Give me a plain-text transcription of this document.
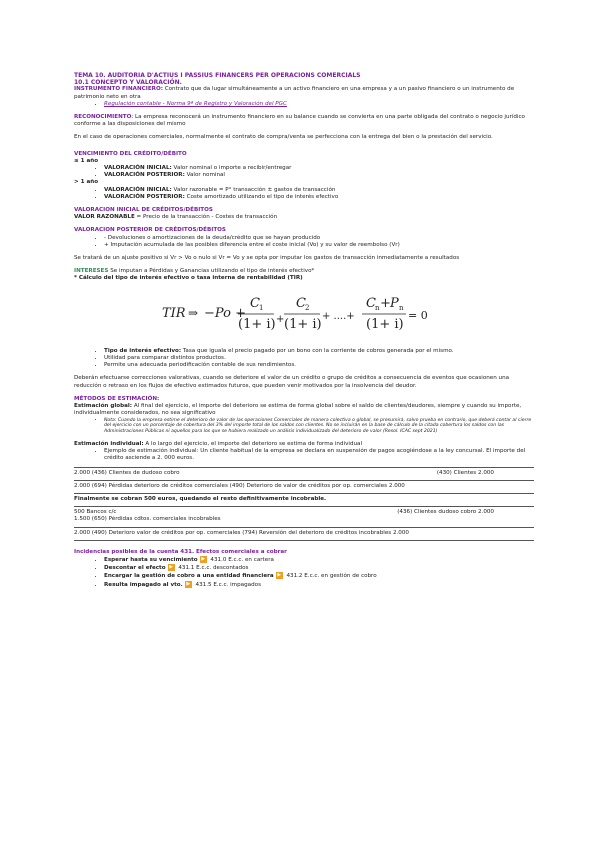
TEMA 10. AUDITORIA D'ACTIUS I PASSIUS FINANCERS PER OPERACIONS COMERCIALS
10.1 CONCEPTO Y VALORACIÓN.
INSTRUMENTO FINANCIERO: Contrato que da lugar simultáneamente a un activo financiero en una empresa y a un pasivo financiero o un instrumento de patrimonio neto en otra
• Regulación contable - Norma 9ª de Registro y Valoración del PGC
RECONOCIMIENTO: La empresa reconocerá un instrumento financiero en su balance cuando se convierta en una parte obligada del contrato o negocio jurídico conforme a las disposiciones del mismo
En el caso de operaciones comerciales, normalmente el contrato de compra/venta se perfecciona con la entrega del bien o la prestación del servicio.
VENCIMIENTO DEL CRÉDITO/DÉBITO
≤ 1 año
• VALORACIÓN INICIAL: Valor nominal o importe a recibir/entregar
• VALORACIÓN POSTERIOR: Valor nominal
> 1 año
• VALORACIÓN INICIAL: Valor razonable = P° transacción ± gastos de transacción
• VALORACIÓN POSTERIOR: Coste amortizado utilizando el tipo de interés efectivo
VALORACION INICIAL DE CRÉDITOS/DÉBITOS
VALOR RAZONABLE = Precio de la transacción - Costes de transacción
VALORACION POSTERIOR DE CRÉDITOS/DÉBITOS
• - Devoluciones o amortizaciones de la deuda/crédito que se hayan producido
• + Imputación acumulada de las posibles diferencia entre el coste inicial (Vo) y su valor de reembolso (Vr)
Se tratará de un ajuste positivo si Vr > Vo o nulo si Vr = Vo y se opta por imputar los gastos de transacción inmediatamente a resultados
INTERESES Se imputan a Pérdidas y Ganancias utilizando el tipo de interés efectivo*
* Cálculo del tipo de interés efectivo o tasa interna de rentabilidad (TIR)
TIR ⇒ −Po +
C 1
(1+ i) +
C 2
(1+ i)
+ ....+
C n + P n
(1+ i)
= 0
• Tipo de interés efectivo: Tasa que iguala el precio pagado por un bono con la corriente de cobros generada por el mismo.
• Utilidad para comparar distintos productos.
• Permite una adecuada periodificación contable de sus rendimientos.
Deberán efectuarse correcciones valorativas, cuando se deteriore el valor de un crédito o grupo de créditos a consecuencia de eventos que ocasionen una reducción o retraso en los flujos de efectivo estimados futuros, que pueden venir motivados por la insolvencia del deudor.
MÉTODOS DE ESTIMACIÓN:
Estimación global: Al final del ejercicio, el importe del deterioro se estima de forma global sobre el saldo de clientes/deudores, siempre y cuando su importe, individualmente considerados, no sea significativo
• Nota: Cuando la empresa estime el deterioro de valor de las operaciones Comerciales de manera colectiva o global, se presumirá, salvo prueba en contrario, que deberá contar al cierre del ejercicio con un porcentaje de cobertura del 3% del importe total de los saldos con clientes. No se incluirán en la base de cálculo de la citada cobertura los saldos con las Administraciones Públicas ni aquellos para los que se hubiera realizado un análisis individualizado del deterioro de valor (Resol. ICAC sept 2021)
Estimación individual: A lo largo del ejercicio, el importe del deterioro se estima de forma individual
• Ejemplo de estimación individual: Un cliente habitual de la empresa se declara en suspensión de pagos acogiéndose a la ley concursal. El importe del crédito asciende a 2. 000 euros.
2.000 (436) Clientes de dudoso cobro	(430) Clientes 2.000
2.000 (694) Pérdidas deterioro de créditos comerciales (490) Deterioro de valor de créditos por op. comerciales 2.000
Finalmente se cobran 500 euros, quedando el resto definitivamente incobrable.
500 Bancos c/c
1.500 (650) Pérdidas cdtos. comerciales incobrables
(436) Clientes dudoso cobro 2.000
2.000 (490) Deterioro valor de créditos por op. comerciales (794) Reversión del deterioro de créditos incobrables 2.000
Incidencias posibles de la cuenta 431. Efectos comerciales a cobrar
• Esperar hasta su vencimiento ▶ 431.0 E.c.c. en cartera
• Descontar el efecto ▶ 431.1 E.c.c. descontados
• Encargar la gestión de cobro a una entidad financiera ▶ 431.2 E.c.c. en gestión de cobro
• Resulta impagado al vto. ▶ 431.5 E.c.c. impagados
